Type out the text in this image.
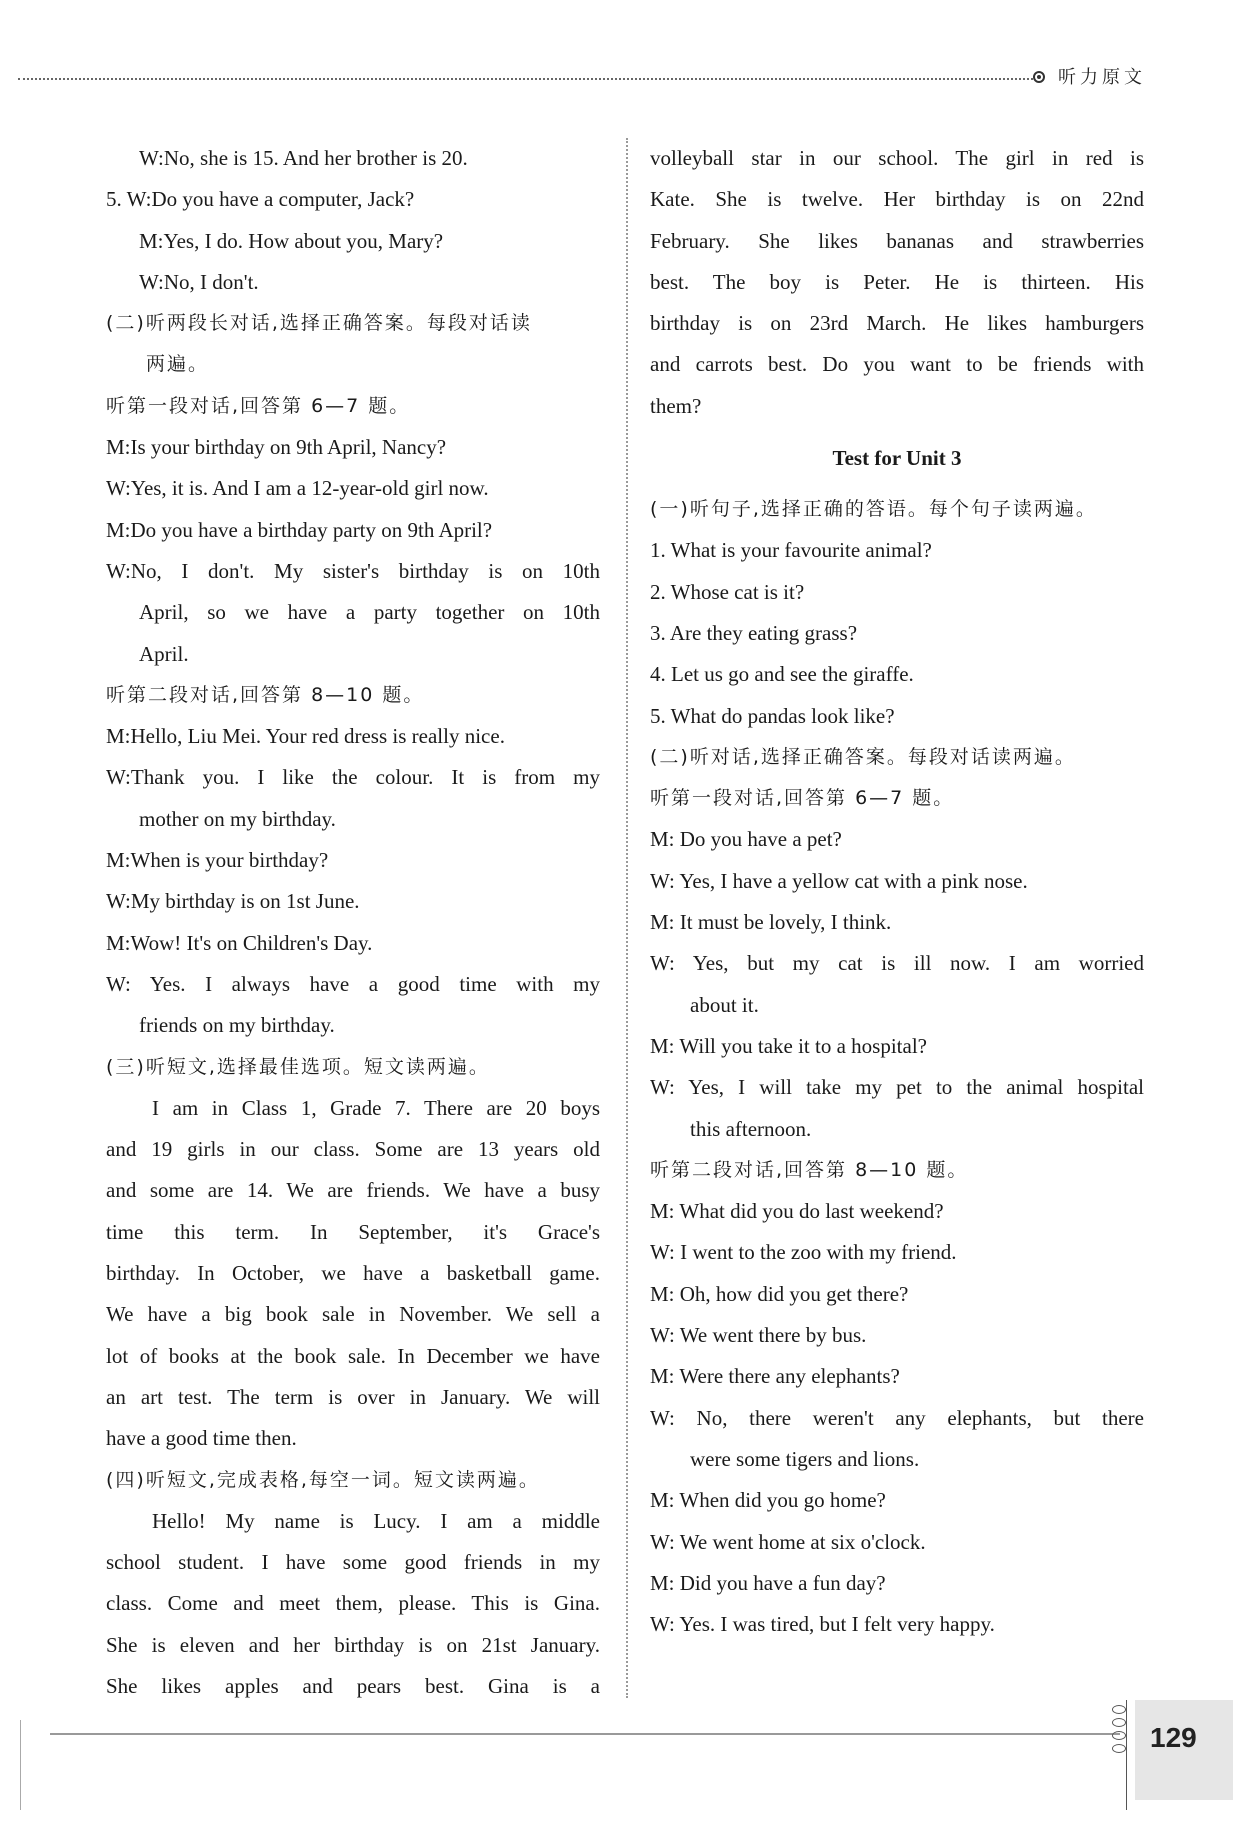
听力原文
W:No, she is 15. And her brother is 20.
5. W:Do you have a computer, Jack?
M:Yes, I do. How about you, Mary?
W:No, I don't.
(二)听两段长对话,选择正确答案。每段对话读
两遍。
听第一段对话,回答第 6—7 题。
M:Is your birthday on 9th April, Nancy?
W:Yes, it is. And I am a 12-year-old girl now.
M:Do you have a birthday party on 9th April?
W:No, I don't. My sister's birthday is on 10th
April, so we have a party together on 10th
April.
听第二段对话,回答第 8—10 题。
M:Hello, Liu Mei. Your red dress is really nice.
W:Thank you. I like the colour. It is from my
mother on my birthday.
M:When is your birthday?
W:My birthday is on 1st June.
M:Wow! It's on Children's Day.
W: Yes. I always have a good time with my
friends on my birthday.
(三)听短文,选择最佳选项。短文读两遍。
I am in Class 1, Grade 7. There are 20 boys
and 19 girls in our class. Some are 13 years old
and some are 14. We are friends. We have a busy
time this term. In September, it's Grace's
birthday. In October, we have a basketball game.
We have a big book sale in November. We sell a
lot of books at the book sale. In December we have
an art test. The term is over in January. We will
have a good time then.
(四)听短文,完成表格,每空一词。短文读两遍。
Hello! My name is Lucy. I am a middle
school student. I have some good friends in my
class. Come and meet them, please. This is Gina.
She is eleven and her birthday is on 21st January.
She likes apples and pears best. Gina is a
volleyball star in our school. The girl in red is
Kate. She is twelve. Her birthday is on 22nd
February. She likes bananas and strawberries
best. The boy is Peter. He is thirteen. His
birthday is on 23rd March. He likes hamburgers
and carrots best. Do you want to be friends with
them?
Test for Unit 3
(一)听句子,选择正确的答语。每个句子读两遍。
1. What is your favourite animal?
2. Whose cat is it?
3. Are they eating grass?
4. Let us go and see the giraffe.
5. What do pandas look like?
(二)听对话,选择正确答案。每段对话读两遍。
听第一段对话,回答第 6—7 题。
M: Do you have a pet?
W: Yes, I have a yellow cat with a pink nose.
M: It must be lovely, I think.
W: Yes, but my cat is ill now. I am worried
about it.
M: Will you take it to a hospital?
W: Yes, I will take my pet to the animal hospital
this afternoon.
听第二段对话,回答第 8—10 题。
M: What did you do last weekend?
W: I went to the zoo with my friend.
M: Oh, how did you get there?
W: We went there by bus.
M: Were there any elephants?
W: No, there weren't any elephants, but there
were some tigers and lions.
M: When did you go home?
W: We went home at six o'clock.
M: Did you have a fun day?
W: Yes. I was tired, but I felt very happy.
129
